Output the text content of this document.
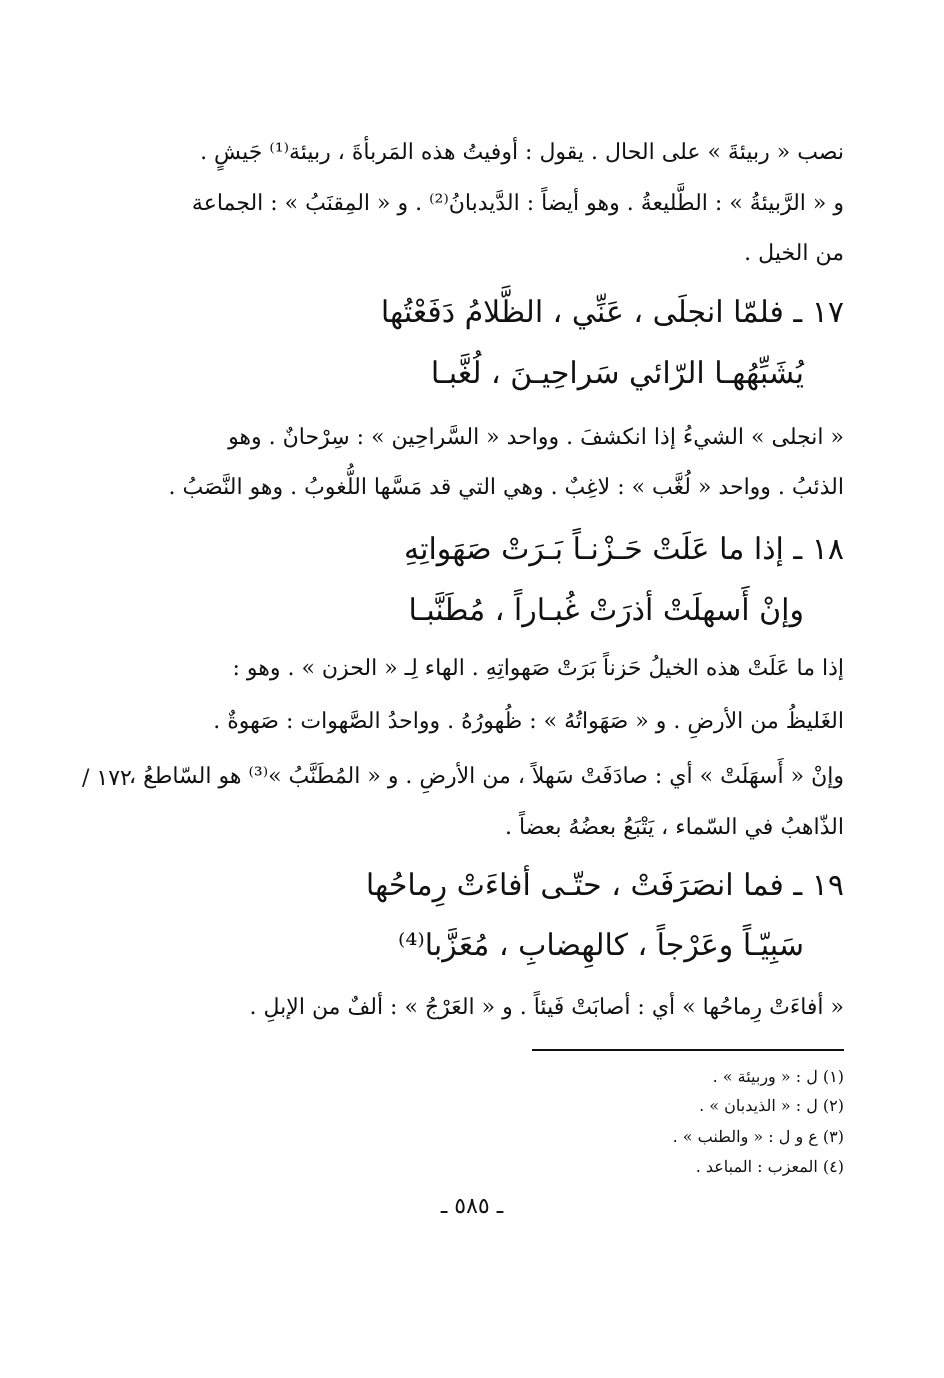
نصب « ربيئةَ » على الحال . يقول : أوفيتُ هذه المَربأةَ ، ربيئة⁽¹⁾ جَيشٍ .
و « الرَّبيئةُ » : الطَّليعةُ . وهو أيضاً : الدَّيدبانُ⁽²⁾ . و « المِقنَبُ » : الجماعة
من الخيل .
١٧ ـ فلمّا انجلَى ، عَنِّي ، الظَّلامُ دَفَعْتُها
يُشَبِّهُهـا الرّائي سَراحِيـنَ ، لُغَّبـا
« انجلى » الشيءُ إذا انكشفَ . وواحد « السَّراحِين » : سِرْحانٌ . وهو
الذئبُ . وواحد « لُغَّب » : لاغِبٌ . وهي التي قد مَسَّها اللُّغوبُ . وهو النَّصَبُ .
١٨ ـ إذا ما عَلَتْ حَـزْنـاً بَـرَتْ صَهَواتِهِ
وإنْ أَسهلَتْ أذرَتْ غُبـاراً ، مُطَنَّبـا
إذا ما عَلَتْ هذه الخيلُ حَزناً بَرَتْ صَهواتِهِ . الهاء لِـ « الحزن » . وهو :
الغَليظُ من الأرضِ . و « صَهَواتُهُ » : ظُهورُهُ . وواحدُ الصَّهوات : صَهوةٌ .
وإنْ « أَسهَلَتْ » أي : صادَفَتْ سَهلاً ، من الأرضِ . و « المُطَنَّبُ »⁽³⁾ هو السّاطعُ ،
الذّاهبُ في السّماء ، يَتْبَعُ بعضُهُ بعضاً .
١٧٢ /
١٩ ـ فما انصَرَفَتْ ، حتّـى أفاءَتْ رِماحُها
سَبِيّـاً وعَرْجاً ، كالهِضابِ ، مُعَزَّبا⁽⁴⁾
« أفاءَتْ رِماحُها » أي : أصابَتْ فَيئاً . و « العَرْجُ » : ألفٌ من الإبلِ .
(١) ل : « وربيئة » .
(٢) ل : « الذيدبان » .
(٣) ع و ل : « والطنب » .
(٤) المعزب : المباعد .
ـ ٥٨٥ ـ
